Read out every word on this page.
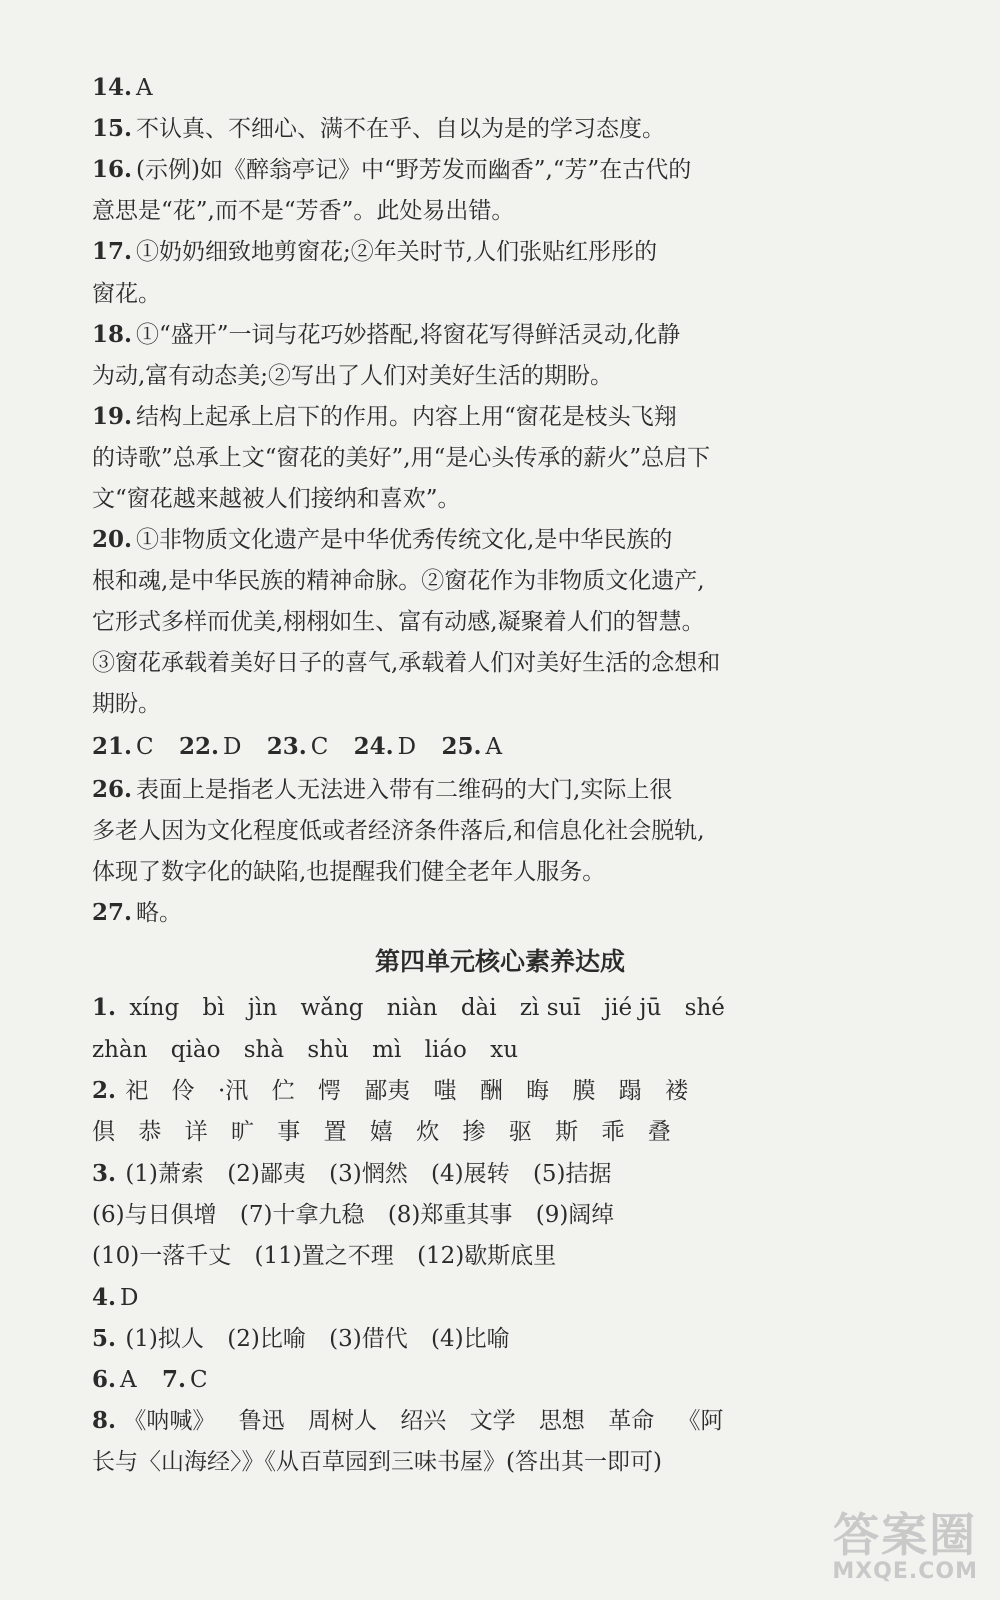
14. A
15. 不认真、不细心、满不在乎、自以为是的学习态度。
16. (示例)如《醉翁亭记》中“野芳发而幽香”,“芳”在古代的
意思是“花”,而不是“芳香”。此处易出错。
17. ①奶奶细致地剪窗花;②年关时节,人们张贴红彤彤的
窗花。
18. ①“盛开”一词与花巧妙搭配,将窗花写得鲜活灵动,化静
为动,富有动态美;②写出了人们对美好生活的期盼。
19. 结构上起承上启下的作用。内容上用“窗花是枝头飞翔
的诗歌”总承上文“窗花的美好”,用“是心头传承的薪火”总启下
文“窗花越来越被人们接纳和喜欢”。
20. ①非物质文化遗产是中华优秀传统文化,是中华民族的
根和魂,是中华民族的精神命脉。②窗花作为非物质文化遗产,
它形式多样而优美,栩栩如生、富有动感,凝聚着人们的智慧。
③窗花承载着美好日子的喜气,承载着人们对美好生活的念想和
期盼。
21. C 22. D 23. C 24. D 25. A
26. 表面上是指老人无法进入带有二维码的大门,实际上很
多老人因为文化程度低或者经济条件落后,和信息化社会脱轨,
体现了数字化的缺陷,也提醒我们健全老年人服务。
27. 略。
第四单元核心素养达成
1. xíng bì jìn wǎng niàn dài zì suī jié jū shé
zhàn qiào shà shù mì liáo xu
2. 祀 伶 ·汛 伫 愕 鄙夷 嗤 酬 晦 膜 蹋 褛
倶 恭 详 旷 事 置 嬉 炊 掺 驱 斯 乖 叠
3. (1)萧索 (2)鄙夷 (3)惘然 (4)展转 (5)拮据
(6)与日俱增 (7)十拿九稳 (8)郑重其事 (9)阔绰
(10)一落千丈 (11)置之不理 (12)歇斯底里
4. D
5. (1)拟人 (2)比喻 (3)借代 (4)比喻
6. A 7. C
8. 《呐喊》 鲁迅 周树人 绍兴 文学 思想 革命 《阿
长与〈山海经〉》《从百草园到三味书屋》(答出其一即可)
答案圈
MXQE.COM
